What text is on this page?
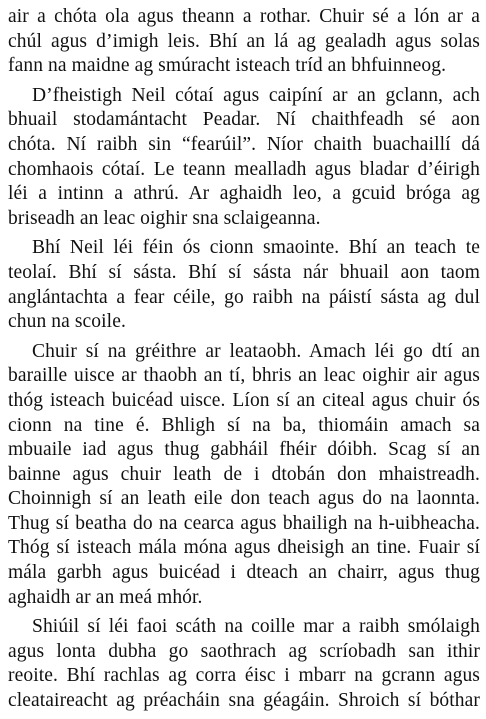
air a chóta ola agus theann a rothar. Chuir sé a lón ar a
chúl agus d’imigh leis. Bhí an lá ag gealadh agus solas
fann na maidne ag smúracht isteach tríd an bhfuinneog.
D’fheistigh Neil cótaí agus caipíní ar an gclann, ach
bhuail stodamántacht Peadar. Ní chaithfeadh sé aon
chóta. Ní raibh sin “fearúil”. Níor chaith buachaillí dá
chomhaois cótaí. Le teann mealladh agus bladar d’éirigh
léi a intinn a athrú. Ar aghaidh leo, a gcuid bróga ag
briseadh an leac oighir sna sclaigeanna.
Bhí Neil léi féin ós cionn smaointe. Bhí an teach te
teolaí. Bhí sí sásta. Bhí sí sásta nár bhuail aon taom
anglántachta a fear céile, go raibh na páistí sásta ag dul
chun na scoile.
Chuir sí na gréithre ar leataobh. Amach léi go dtí an
baraille uisce ar thaobh an tí, bhris an leac oighir air agus
thóg isteach buicéad uisce. Líon sí an citeal agus chuir ós
cionn na tine é. Bhligh sí na ba, thiomáin amach sa
mbuaile iad agus thug gabháil fhéir dóibh. Scag sí an
bainne agus chuir leath de i dtobán don mhaistreadh.
Choinnigh sí an leath eile don teach agus do na laonnta.
Thug sí beatha do na cearca agus bhailigh na h-uibheacha.
Thóg sí isteach mála móna agus dheisigh an tine. Fuair sí
mála garbh agus buicéad i dteach an chairr, agus thug
aghaidh ar an meá mhór.
Shiúil sí léi faoi scáth na coille mar a raibh smólaigh
agus lonta dubha go saothrach ag scríobadh san ithir
reoite. Bhí rachlas ag corra éisc i mbarr na gcrann agus
cleataireacht ag préacháin sna géagáin. Shroich sí bóthar
